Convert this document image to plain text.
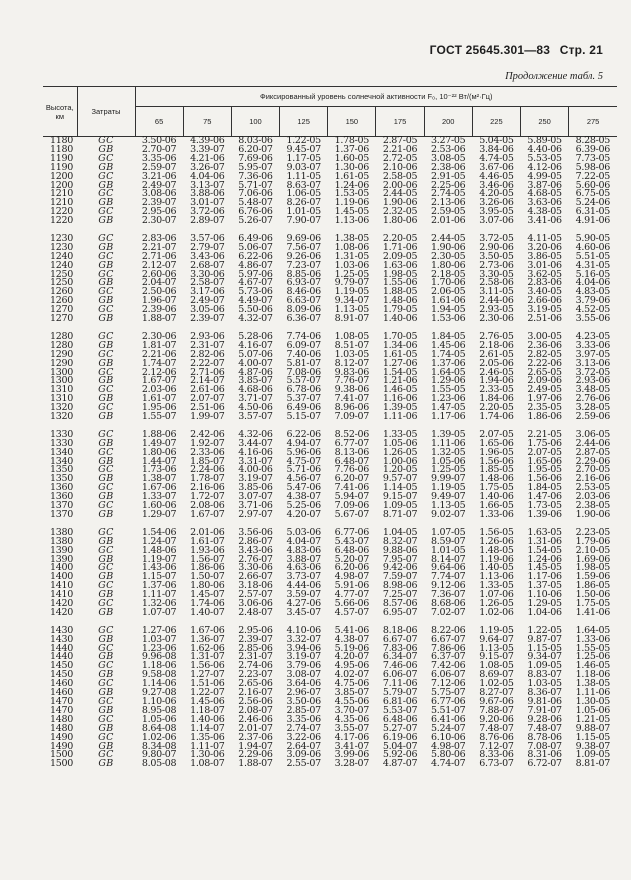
ГОСТ 25645.301—83 Стр. 21
Продолжение табл. 5
Высота, км	Затраты	Фиксированный уровень солнечной активности F₀, 10⁻²² Вт/(м²·Гц)									
		65	75	100	125	150	175	200	225	250	275
1180	GC	3.50-06	4.39-06	8.03-06	1.22-05	1.78-05	2.87-05	3.27-05	5.04-05	5.89-05	8.28-05
1180	GB	2.70-07	3.39-07	6.20-07	9.45-07	1.37-06	2.21-06	2.53-06	3.84-06	4.40-06	6.39-06
1190	GC	3.35-06	4.21-06	7.69-06	1.17-05	1.60-05	2.72-05	3.08-05	4.74-05	5.53-05	7.73-05
1190	GB	2.59-07	3.26-07	5.95-07	9.03-07	1.30-06	2.10-06	2.38-06	3.67-06	4.12-06	5.98-06
1200	GC	3.21-06	4.04-06	7.36-06	1.11-05	1.61-05	2.58-05	2.91-05	4.46-05	4.99-05	7.22-05
1200	GB	2.49-07	3.13-07	5.71-07	8.63-07	1.24-06	2.00-06	2.25-06	3.46-06	3.87-06	5.60-06
1210	GC	3.08-06	3.88-06	7.06-06	1.06-05	1.53-05	2.44-05	2.74-05	4.20-05	4.68-05	6.75-05
1210	GB	2.39-07	3.01-07	5.48-07	8.26-07	1.19-06	1.90-06	2.13-06	3.26-06	3.63-06	5.24-06
1220	GC	2.95-06	3.72-06	6.76-06	1.01-05	1.45-05	2.32-05	2.59-05	3.95-05	4.38-05	6.31-05
1220	GB	2.30-07	2.89-07	5.26-07	7.90-07	1.13-06	1.80-06	2.01-06	3.07-06	3.41-06	4.91-06

1230	GC	2.83-06	3.57-06	6.49-06	9.69-06	1.38-05	2.20-05	2.44-05	3.72-05	4.11-05	5.90-05
1230	GB	2.21-07	2.79-07	5.06-07	7.56-07	1.08-06	1.71-06	1.90-06	2.90-06	3.20-06	4.60-06
1240	GC	2.71-06	3.43-06	6.22-06	9.26-06	1.31-05	2.09-05	2.30-05	3.50-05	3.86-05	5.51-05
1240	GB	2.12-07	2.68-07	4.86-07	7.23-07	1.03-06	1.63-06	1.80-06	2.73-06	3.01-06	4.31-05
1250	GC	2.60-06	3.30-06	5.97-06	8.85-06	1.25-05	1.98-05	2.18-05	3.30-05	3.62-05	5.16-05
1250	GB	2.04-07	2.58-07	4.67-07	6.93-07	9.79-07	1.55-06	1.70-06	2.58-06	2.83-06	4.04-06
1260	GC	2.50-06	3.17-06	5.73-06	8.46-06	1.19-05	1.88-05	2.06-05	3.11-05	3.40-05	4.83-05
1260	GB	1.96-07	2.49-07	4.49-07	6.63-07	9.34-07	1.48-06	1.61-06	2.44-06	2.66-06	3.79-06
1270	GC	2.39-06	3.05-06	5.50-06	8.09-06	1.13-05	1.79-05	1.94-05	2.93-05	3.19-05	4.52-05
1270	GB	1.88-07	2.39-07	4.32-07	6.36-07	8.91-07	1.40-06	1.53-06	2.30-06	2.51-06	3.55-06

1280	GC	2.30-06	2.93-06	5.28-06	7.74-06	1.08-05	1.70-05	1.84-05	2.76-05	3.00-05	4.23-05
1280	GB	1.81-07	2.31-07	4.16-07	6.09-07	8.51-07	1.34-06	1.45-06	2.18-06	2.36-06	3.33-06
1290	GC	2.21-06	2.82-06	5.07-06	7.40-06	1.03-05	1.61-05	1.74-05	2.61-05	2.82-05	3.97-05
1290	GB	1.74-07	2.22-07	4.00-07	5.81-07	8.12-07	1.27-06	1.37-06	2.05-06	2.22-06	3.13-06
1300	GC	2.12-06	2.71-06	4.87-06	7.08-06	9.83-06	1.54-05	1.64-05	2.46-05	2.65-05	3.72-05
1300	GB	1.67-07	2.14-07	3.85-07	5.57-07	7.76-07	1.21-06	1.29-06	1.94-06	2.09-06	2.93-06
1310	GC	2.03-06	2.61-06	4.68-06	6.78-06	9.38-06	1.46-05	1.55-05	2.33-05	2.49-05	3.48-05
1310	GB	1.61-07	2.07-07	3.71-07	5.37-07	7.41-07	1.16-06	1.23-06	1.84-06	1.97-06	2.76-06
1320	GC	1.95-06	2.51-06	4.50-06	6.49-06	8.96-06	1.39-05	1.47-05	2.20-05	2.35-05	3.28-05
1320	GB	1.55-07	1.99-07	3.57-07	5.15-07	7.09-07	1.11-06	1.17-06	1.74-06	1.86-06	2.59-06

1330	GC	1.88-06	2.42-06	4.32-06	6.22-06	8.52-06	1.33-05	1.39-05	2.07-05	2.21-05	3.06-05
1330	GB	1.49-07	1.92-07	3.44-07	4.94-07	6.77-07	1.05-06	1.11-06	1.65-06	1.75-06	2.44-06
1340	GC	1.80-06	2.33-06	4.16-06	5.96-06	8.13-06	1.26-05	1.32-05	1.96-05	2.07-05	2.87-05
1340	GB	1.44-07	1.85-07	3.31-07	4.75-07	6.48-07	1.00-06	1.05-06	1.56-06	1.65-06	2.29-06
1350	GC	1.73-06	2.24-06	4.00-06	5.71-06	7.76-06	1.20-05	1.25-05	1.85-05	1.95-05	2.70-05
1350	GB	1.38-07	1.78-07	3.19-07	4.56-07	6.20-07	9.57-07	9.99-07	1.48-06	1.56-06	2.16-06
1360	GC	1.67-06	2.16-06	3.85-06	5.47-06	7.41-06	1.14-05	1.19-05	1.75-05	1.84-05	2.53-05
1360	GB	1.33-07	1.72-07	3.07-07	4.38-07	5.94-07	9.15-07	9.49-07	1.40-06	1.47-06	2.03-06
1370	GC	1.60-06	2.08-06	3.71-06	5.25-06	7.09-06	1.09-05	1.13-05	1.66-05	1.73-05	2.38-05
1370	GB	1.29-07	1.67-07	2.97-07	4.20-07	5.67-07	8.71-07	9.02-07	1.33-06	1.39-06	1.90-06

1380	GC	1.54-06	2.01-06	3.56-06	5.03-06	6.77-06	1.04-05	1.07-05	1.56-05	1.63-05	2.23-05
1380	GB	1.24-07	1.61-07	2.86-07	4.04-07	5.43-07	8.32-07	8.59-07	1.26-06	1.31-06	1.79-06
1390	GC	1.48-06	1.93-06	3.43-06	4.83-06	6.48-06	9.88-06	1.01-05	1.48-05	1.54-05	2.10-05
1390	GB	1.19-07	1.56-07	2.76-07	3.88-07	5.20-07	7.95-07	8.14-07	1.19-06	1.24-06	1.69-06
1400	GC	1.43-06	1.86-06	3.30-06	4.63-06	6.20-06	9.42-06	9.64-06	1.40-05	1.45-05	1.98-05
1400	GB	1.15-07	1.50-07	2.66-07	3.73-07	4.98-07	7.59-07	7.74-07	1.13-06	1.17-06	1.59-06
1410	GC	1.37-06	1.80-06	3.18-06	4.44-06	5.91-06	8.98-06	9.12-06	1.33-05	1.37-05	1.86-05
1410	GB	1.11-07	1.45-07	2.57-07	3.59-07	4.77-07	7.25-07	7.36-07	1.07-06	1.10-06	1.50-06
1420	GC	1.32-06	1.74-06	3.06-06	4.27-06	5.66-06	8.57-06	8.68-06	1.26-05	1.29-05	1.75-05
1420	GB	1.07-07	1.40-07	2.48-07	3.45-07	4.57-07	6.95-07	7.02-07	1.02-06	1.04-06	1.41-06

1430	GC	1.27-06	1.67-06	2.95-06	4.10-06	5.41-06	8.18-06	8.22-06	1.19-05	1.22-05	1.64-05
1430	GB	1.03-07	1.36-07	2.39-07	3.32-07	4.38-07	6.67-07	6.67-07	9.64-07	9.87-07	1.33-06
1440	GC	1.23-06	1.62-06	2.85-06	3.94-06	5.19-06	7.83-06	7.86-06	1.13-05	1.15-05	1.55-05
1440	GB	9.96-08	1.31-07	2.31-07	3.19-07	4.20-07	6.34-07	6.37-07	9.15-07	9.34-07	1.25-06
1450	GC	1.18-06	1.56-06	2.74-06	3.79-06	4.95-06	7.46-06	7.42-06	1.08-05	1.09-05	1.46-05
1450	GB	9.58-08	1.27-07	2.23-07	3.08-07	4.02-07	6.06-07	6.06-07	8.69-07	8.83-07	1.18-06
1460	GC	1.14-06	1.51-06	2.65-06	3.64-06	4.75-06	7.11-06	7.12-06	1.02-05	1.03-05	1.38-05
1460	GB	9.27-08	1.22-07	2.16-07	2.96-07	3.85-07	5.79-07	5.75-07	8.27-07	8.36-07	1.11-06
1470	GC	1.10-06	1.45-06	2.56-06	3.50-06	4.55-06	6.81-06	6.77-06	9.67-06	9.81-06	1.30-05
1470	GB	8.95-08	1.18-07	2.08-07	2.85-07	3.70-07	5.53-07	5.51-07	7.88-07	7.91-07	1.05-06
1480	GC	1.05-06	1.40-06	2.46-06	3.35-06	4.35-06	6.48-06	6.41-06	9.20-06	9.28-06	1.21-05
1480	GB	8.64-08	1.14-07	2.01-07	2.74-07	3.55-07	5.27-07	5.24-07	7.48-07	7.48-07	9.88-07
1490	GC	1.02-06	1.35-06	2.37-06	3.22-06	4.17-06	6.19-06	6.10-06	8.76-06	8.78-06	1.15-05
1490	GB	8.34-08	1.11-07	1.94-07	2.64-07	3.41-07	5.04-07	4.98-07	7.12-07	7.08-07	9.38-07
1500	GC	9.80-07	1.30-06	2.29-06	3.09-06	3.99-06	5.92-06	5.80-06	8.33-06	8.31-06	1.09-05
1500	GB	8.05-08	1.08-07	1.88-07	2.55-07	3.28-07	4.87-07	4.74-07	6.73-07	6.72-07	8.81-07
